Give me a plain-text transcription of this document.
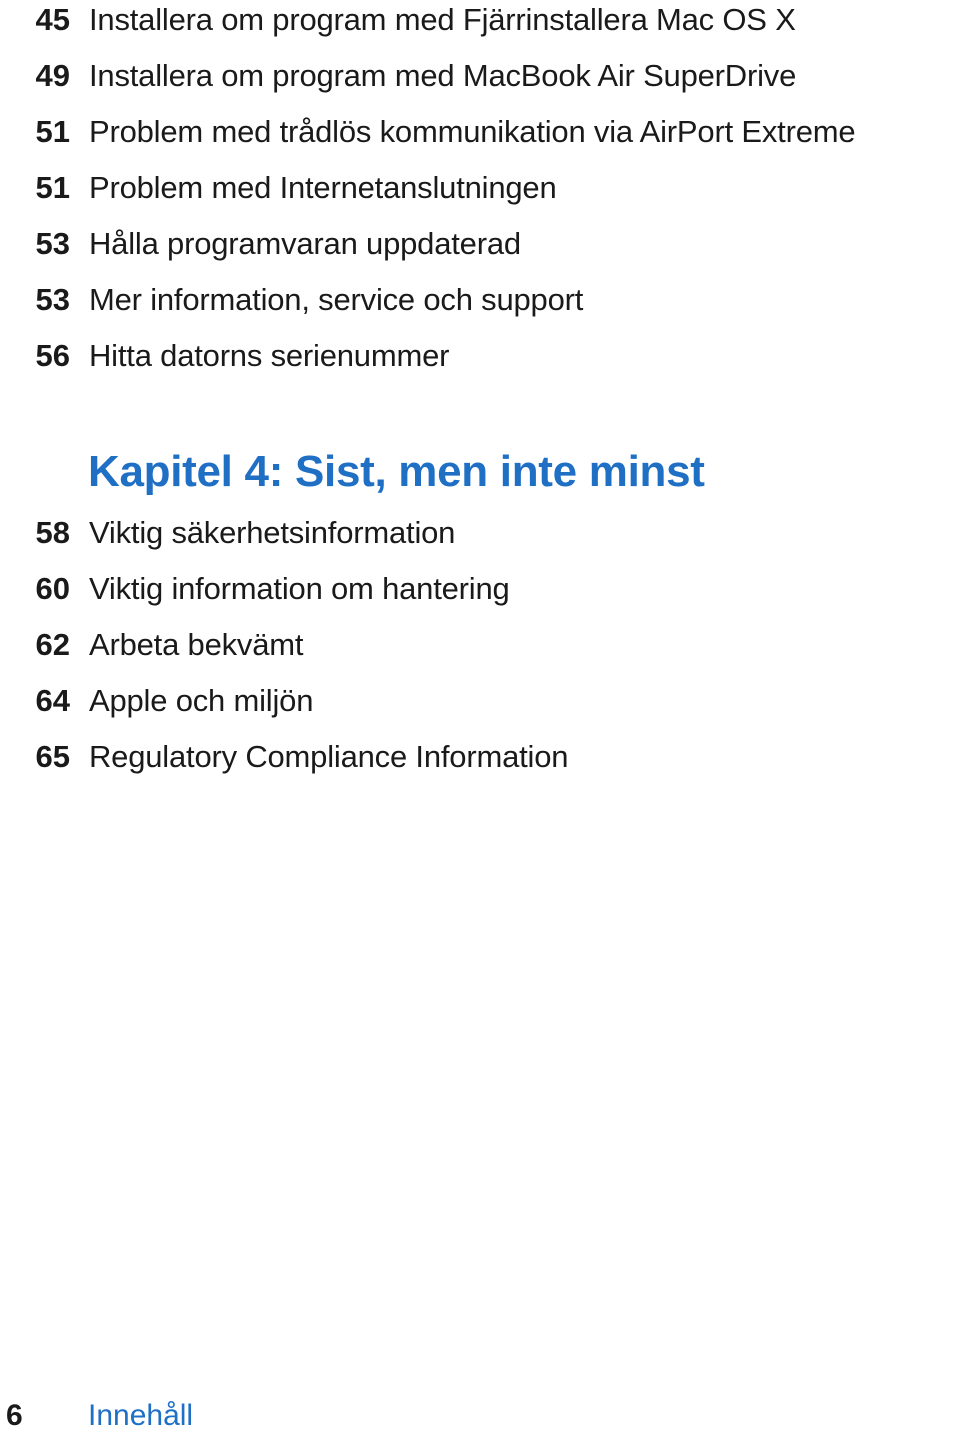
45 Installera om program med Fjärrinstallera Mac OS X
49 Installera om program med MacBook Air SuperDrive
51 Problem med trådlös kommunikation via AirPort Extreme
51 Problem med Internetanslutningen
53 Hålla programvaran uppdaterad
53 Mer information, service och support
56 Hitta datorns serienummer
Kapitel 4: Sist, men inte minst
58 Viktig säkerhetsinformation
60 Viktig information om hantering
62 Arbeta bekvämt
64 Apple och miljön
65 Regulatory Compliance Information
6 Innehåll
